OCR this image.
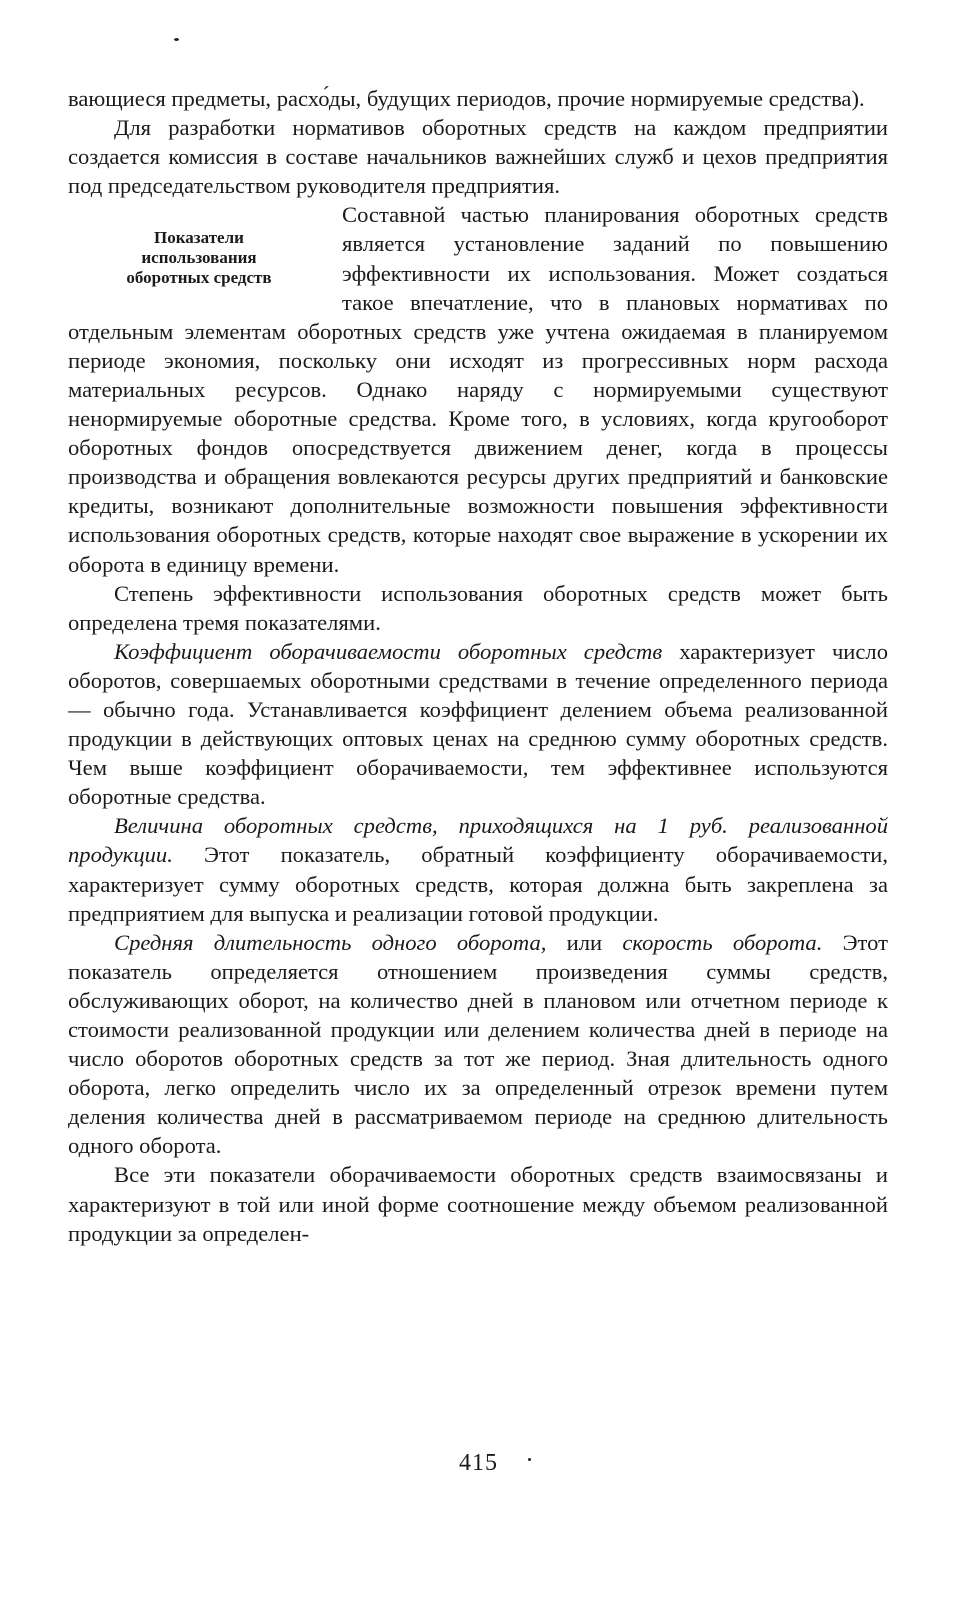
вающиеся предметы, расхо́ды, будущих периодов, прочие нормируемые средства).

Для разработки нормативов оборотных средств на каждом предприятии создается комиссия в составе начальников важнейших служб и цехов предприятия под председательством руководителя предприятия.

Показатели
использования
оборотных средств

Составной частью планирования оборотных средств является установление заданий по повышению эффективности их использования. Может создаться такое впечатление, что в плановых нормативах по отдельным элементам оборотных средств уже учтена ожидаемая в планируемом периоде экономия, поскольку они исходят из прогрессивных норм расхода материальных ресурсов. Однако наряду с нормируемыми существуют ненормируемые оборотные средства. Кроме того, в условиях, когда кругооборот оборотных фондов опосредствуется движением денег, когда в процессы производства и обращения вовлекаются ресурсы других предприятий и банковские кредиты, возникают дополнительные возможности повышения эффективности использования оборотных средств, которые находят свое выражение в ускорении их оборота в единицу времени.

Степень эффективности использования оборотных средств может быть определена тремя показателями.

Коэффициент оборачиваемости оборотных средств характеризует число оборотов, совершаемых оборотными средствами в течение определенного периода — обычно года. Устанавливается коэффициент делением объема реализованной продукции в действующих оптовых ценах на среднюю сумму оборотных средств. Чем выше коэффициент оборачиваемости, тем эффективнее используются оборотные средства.

Величина оборотных средств, приходящихся на 1 руб. реализованной продукции. Этот показатель, обратный коэффициенту оборачиваемости, характеризует сумму оборотных средств, которая должна быть закреплена за предприятием для выпуска и реализации готовой продукции.

Средняя длительность одного оборота, или скорость оборота. Этот показатель определяется отношением произведения суммы средств, обслуживающих оборот, на количество дней в плановом или отчетном периоде к стоимости реализованной продукции или делением количества дней в периоде на число оборотов оборотных средств за тот же период. Зная длительность одного оборота, легко определить число их за определенный отрезок времени путем деления количества дней в рассматриваемом периоде на среднюю длительность одного оборота.

Все эти показатели оборачиваемости оборотных средств взаимосвязаны и характеризуют в той или иной форме соотношение между объемом реализованной продукции за определен-

415
